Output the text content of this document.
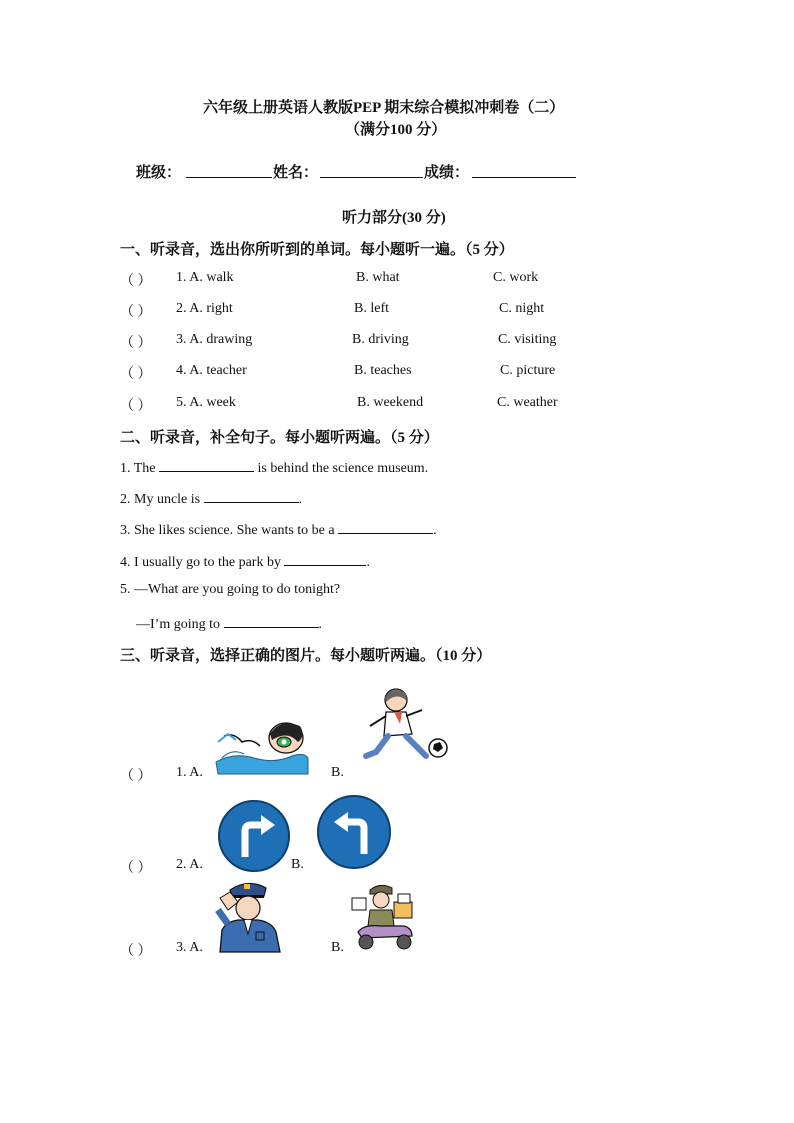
六年级上册英语人教版PEP 期末综合模拟冲刺卷（二）
（满分100 分）
班级：	姓名：	成绩：
听力部分(30 分)
一、听录音，选出你所听到的单词。每小题听一遍。（5 分）
（ ） 1. A. walk	B. what	C. work
（ ） 2. A. right	B. left	C. night
（ ） 3. A. drawing	B. driving	C. visiting
（ ） 4. A. teacher	B. teaches	C. picture
（ ） 5. A. week	B. weekend	C. weather
二、听录音，补全句子。每小题听两遍。（5 分）
1. The	is behind the science museum.
2. My uncle is	.
3. She likes science. She wants to be a	.
4. I usually go to the park by	.
5. —What are you going to do tonight?
—I’m going to	.
三、听录音，选择正确的图片。每小题听两遍。（10 分）
（ ） 1. A.	B.
（ ） 2. A.	B.
（ ） 3. A.	B.
